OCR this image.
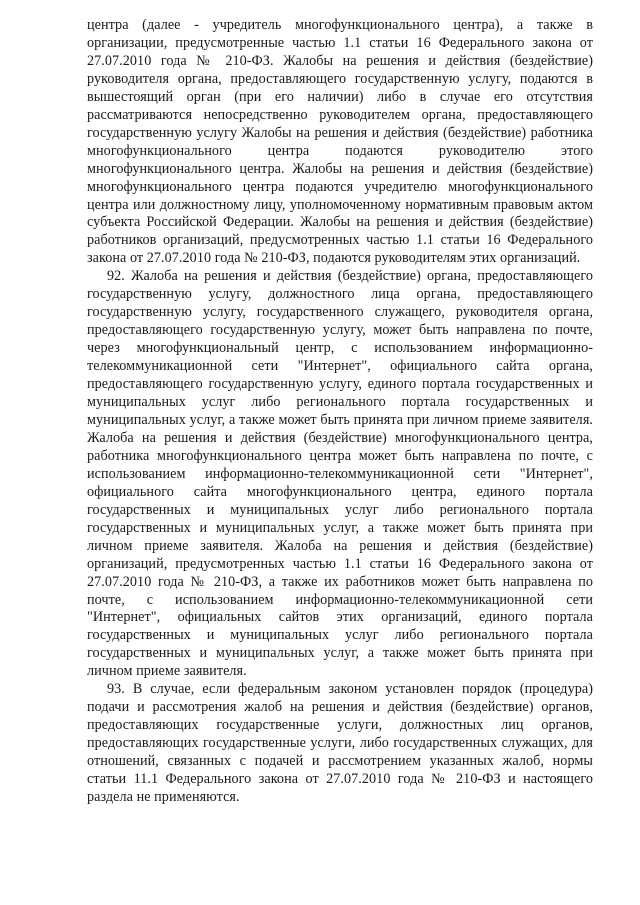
центра (далее - учредитель многофункционального центра), а также в организации, предусмотренные частью 1.1 статьи 16 Федерального закона от 27.07.2010 года № 210-ФЗ. Жалобы на решения и действия (бездействие) руководителя органа, предоставляющего государственную услугу, подаются в вышестоящий орган (при его наличии) либо в случае его отсутствия рассматриваются непосредственно руководителем органа, предоставляющего государственную услугу Жалобы на решения и действия (бездействие) работника многофункционального центра подаются руководителю этого многофункционального центра. Жалобы на решения и действия (бездействие) многофункционального центра подаются учредителю многофункционального центра или должностному лицу, уполномоченному нормативным правовым актом субъекта Российской Федерации. Жалобы на решения и действия (бездействие) работников организаций, предусмотренных частью 1.1 статьи 16 Федерального закона от 27.07.2010 года № 210-ФЗ, подаются руководителям этих организаций.

92. Жалоба на решения и действия (бездействие) органа, предоставляющего государственную услугу, должностного лица органа, предоставляющего государственную услугу, государственного служащего, руководителя органа, предоставляющего государственную услугу, может быть направлена по почте, через многофункциональный центр, с использованием информационно-телекоммуникационной сети "Интернет", официального сайта органа, предоставляющего государственную услугу, единого портала государственных и муниципальных услуг либо регионального портала государственных и муниципальных услуг, а также может быть принята при личном приеме заявителя. Жалоба на решения и действия (бездействие) многофункционального центра, работника многофункционального центра может быть направлена по почте, с использованием информационно-телекоммуникационной сети "Интернет", официального сайта многофункционального центра, единого портала государственных и муниципальных услуг либо регионального портала государственных и муниципальных услуг, а также может быть принята при личном приеме заявителя. Жалоба на решения и действия (бездействие) организаций, предусмотренных частью 1.1 статьи 16 Федерального закона от 27.07.2010 года № 210-ФЗ, а также их работников может быть направлена по почте, с использованием информационно-телекоммуникационной сети "Интернет", официальных сайтов этих организаций, единого портала государственных и муниципальных услуг либо регионального портала государственных и муниципальных услуг, а также может быть принята при личном приеме заявителя.

93. В случае, если федеральным законом установлен порядок (процедура) подачи и рассмотрения жалоб на решения и действия (бездействие) органов, предоставляющих государственные услуги, должностных лиц органов, предоставляющих государственные услуги, либо государственных служащих, для отношений, связанных с подачей и рассмотрением указанных жалоб, нормы статьи 11.1 Федерального закона от 27.07.2010 года № 210-ФЗ и настоящего раздела не применяются.
